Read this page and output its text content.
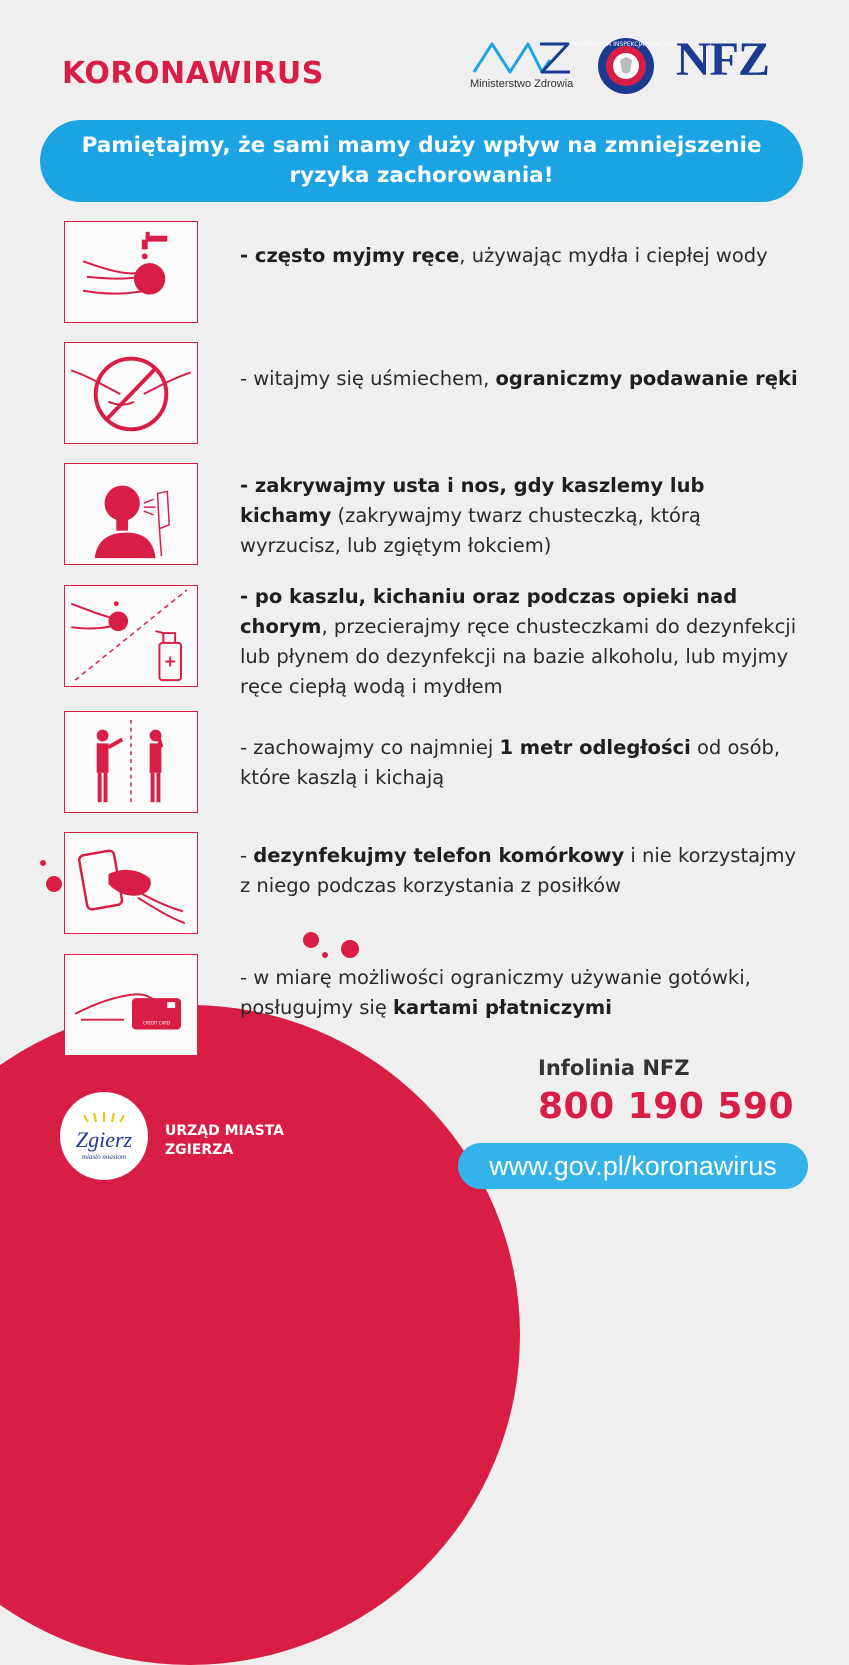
KORONAWIRUS	Ministerstwo Zdrowia
PAŃSTWOWA INSPEKCJA SANITARNA
NFZ
Pamiętajmy, że sami mamy duży wpływ na zmniejszenie
ryzyka zachorowania!
- często myjmy ręce, używając mydła i ciepłej wody
- witajmy się uśmiechem, ograniczmy podawanie ręki
- zakrywajmy usta i nos, gdy kaszlemy lub kichamy (zakrywajmy twarz chusteczką, którą wyrzucisz, lub zgiętym łokciem)
- po kaszlu, kichaniu oraz podczas opieki nad chorym, przecierajmy ręce chusteczkami do dezynfekcji lub płynem do dezynfekcji na bazie alkoholu, lub myjmy ręce ciepłą wodą i mydłem
- zachowajmy co najmniej 1 metr odległości od osób, które kaszlą i kichają
- dezynfekujmy telefon komórkowy i nie korzystajmy z niego podczas korzystania z posiłków
CREDIT CARD
- w miarę możliwości ograniczmy używanie gotówki, posługujmy się kartami płatniczymi
Zgierz
miasto miastom
URZĄD MIASTA
ZGIERZA
Infolinia NFZ
800 190 590
www.gov.pl/koronawirus
